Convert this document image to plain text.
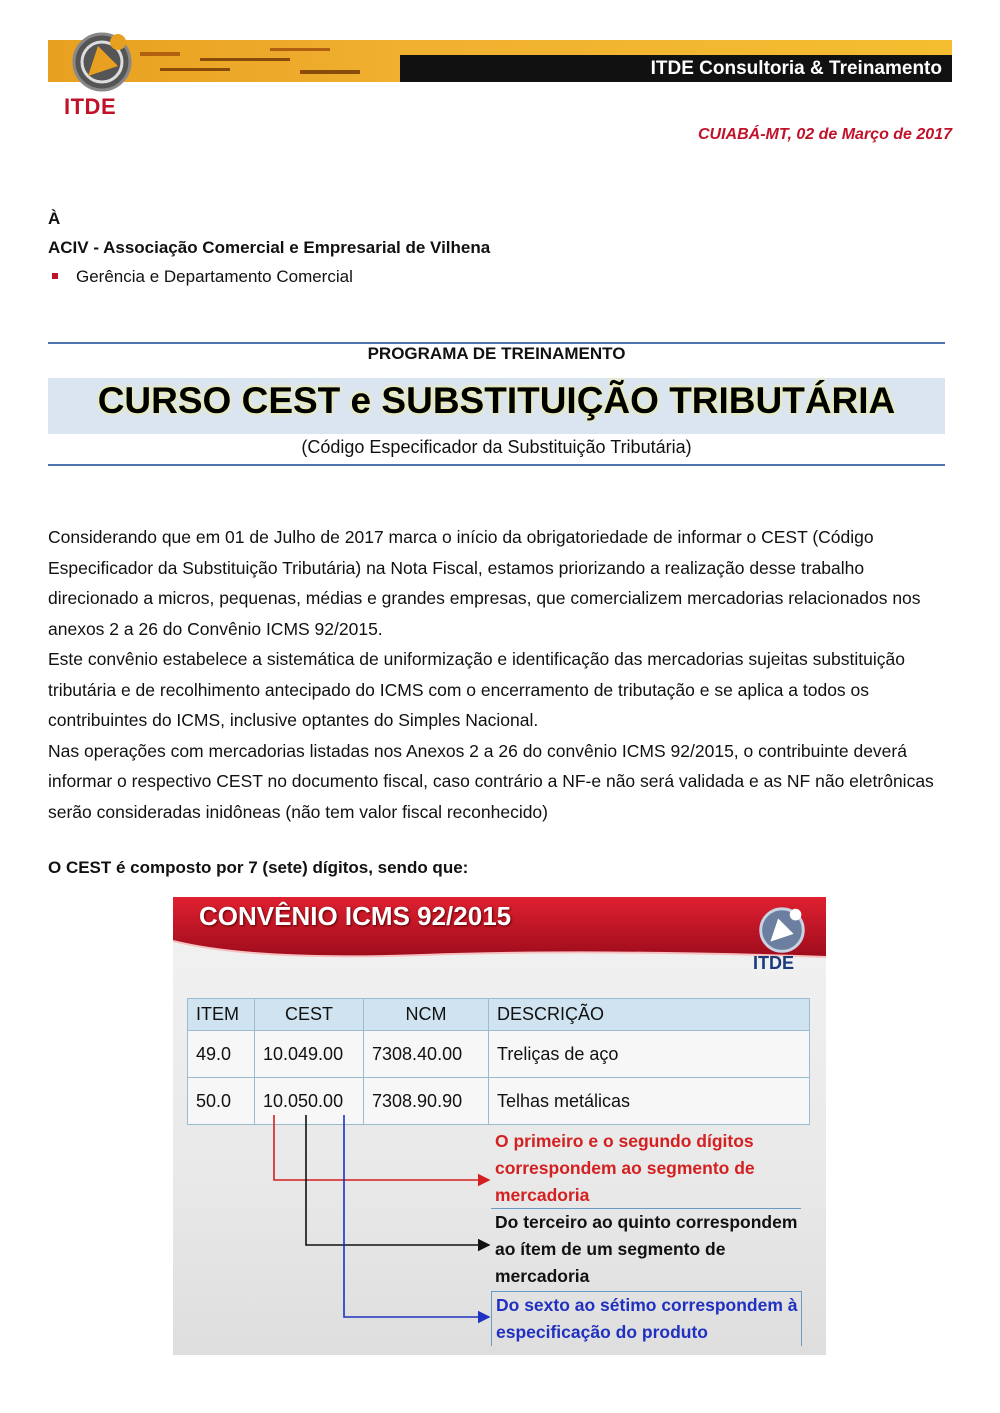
ITDE Consultoria & Treinamento
ITDE
CUIABÁ-MT, 02 de Março de 2017
À
ACIV - Associação Comercial e Empresarial de Vilhena
Gerência e Departamento Comercial
PROGRAMA DE TREINAMENTO
CURSO CEST e SUBSTITUIÇÃO TRIBUTÁRIA
(Código Especificador da Substituição Tributária)

Considerando que em 01 de Julho de 2017 marca o início da obrigatoriedade de informar o CEST (Código Especificador da Substituição Tributária) na Nota Fiscal, estamos priorizando a realização desse trabalho direcionado a micros, pequenas, médias e grandes empresas, que comercializem mercadorias relacionados nos anexos 2 a 26 do Convênio ICMS 92/2015.

Este convênio estabelece a sistemática de uniformização e identificação das mercadorias sujeitas substituição tributária e de recolhimento antecipado do ICMS com o encerramento de tributação e se aplica a todos os contribuintes do ICMS, inclusive optantes do Simples Nacional.

Nas operações com mercadorias listadas nos Anexos 2 a 26 do convênio ICMS 92/2015, o contribuinte deverá informar o respectivo CEST no documento fiscal, caso contrário a NF-e não será validada e as NF não eletrônicas serão consideradas inidôneas (não tem valor fiscal reconhecido)

O CEST é composto por 7 (sete) dígitos, sendo que:
CONVÊNIO ICMS 92/2015
ITDE
ITEM	CEST	NCM	DESCRIÇÃO
49.0	10.049.00	7308.40.00	Treliças de aço
50.0	10.050.00	7308.90.90	Telhas metálicas
O primeiro e o segundo dígitos
correspondem ao segmento de
mercadoria
Do terceiro ao quinto correspondem
ao ítem de um segmento de
mercadoria
Do sexto ao sétimo correspondem à
especificação do produto
